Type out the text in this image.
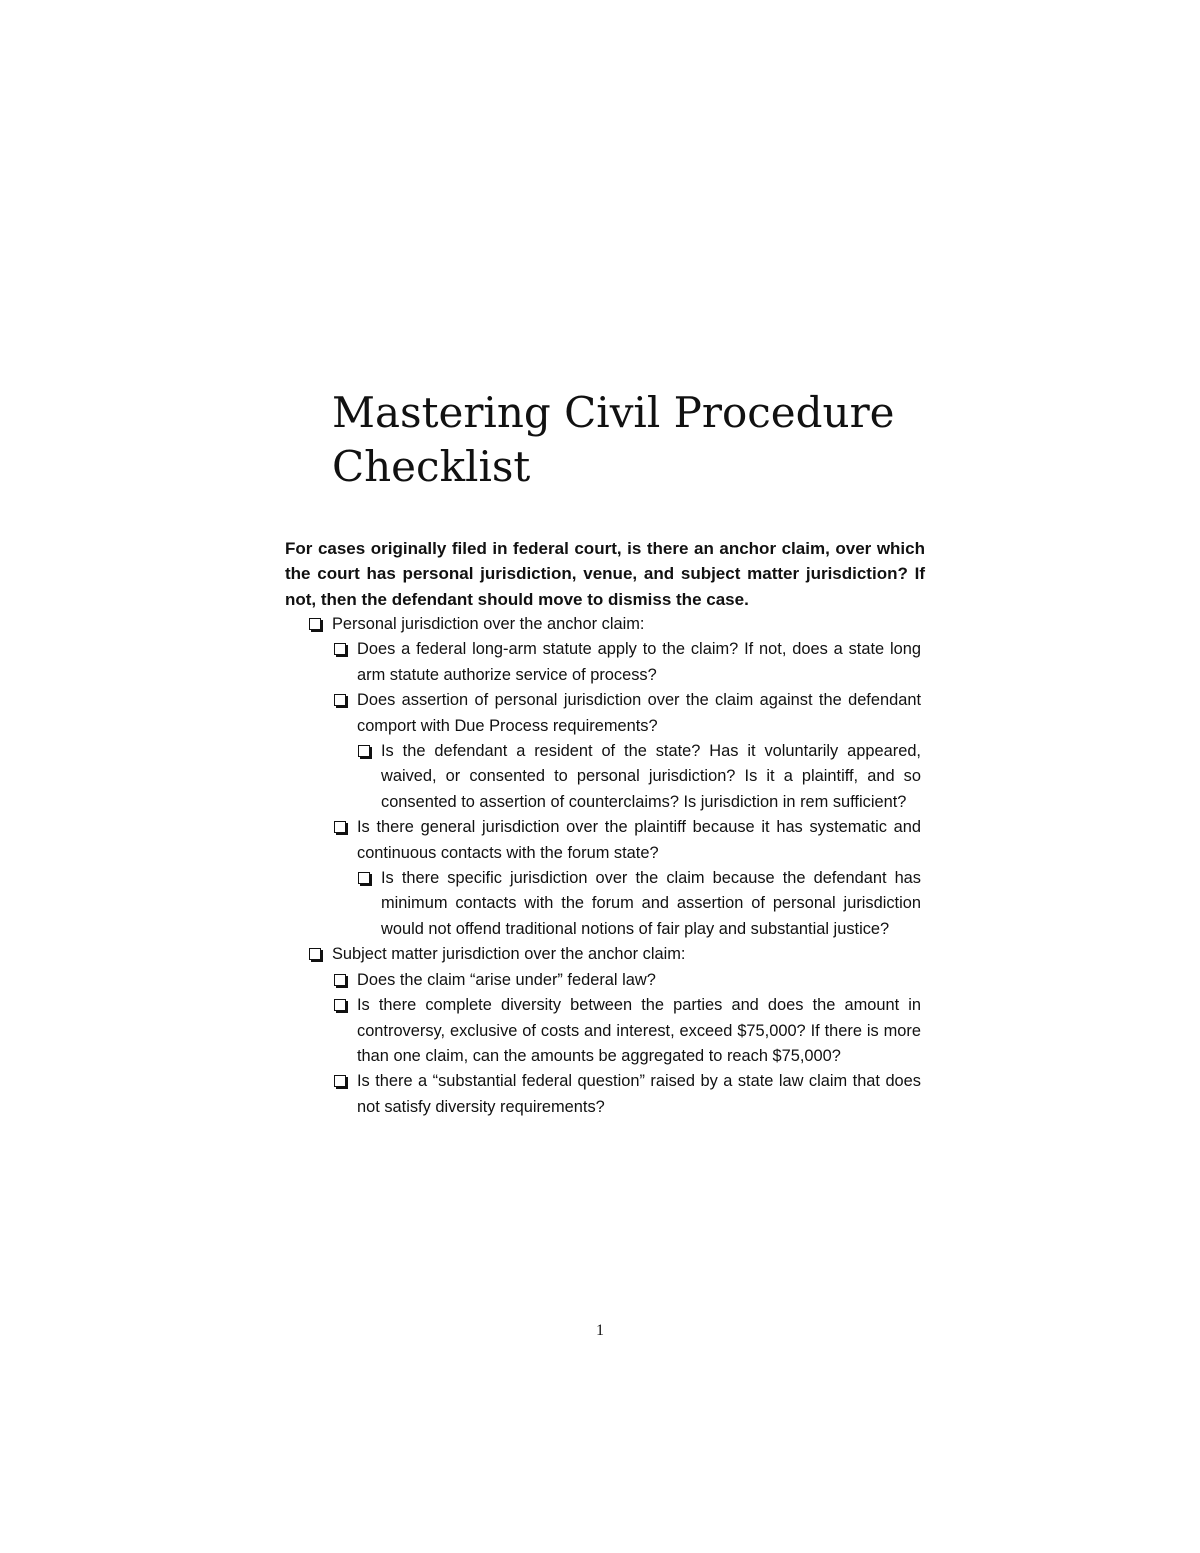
Mastering Civil Procedure
Checklist

For cases originally filed in federal court, is there an anchor claim, over which the court has personal jurisdiction, venue, and subject matter jurisdiction? If not, then the defendant should move to dismiss the case.

Personal jurisdiction over the anchor claim:
Does a federal long-arm statute apply to the claim? If not, does a state long arm statute authorize service of process?
Does assertion of personal jurisdiction over the claim against the defendant comport with Due Process requirements?
Is the defendant a resident of the state? Has it voluntarily appeared, waived, or consented to personal jurisdiction? Is it a plaintiff, and so consented to assertion of counterclaims? Is jurisdiction in rem sufficient?
Is there general jurisdiction over the plaintiff because it has systematic and continuous contacts with the forum state?
Is there specific jurisdiction over the claim because the defendant has minimum contacts with the forum and assertion of personal jurisdiction would not offend traditional notions of fair play and substantial justice?
Subject matter jurisdiction over the anchor claim:
Does the claim “arise under” federal law?
Is there complete diversity between the parties and does the amount in controversy, exclusive of costs and interest, exceed $75,000? If there is more than one claim, can the amounts be aggregated to reach $75,000?
Is there a “substantial federal question” raised by a state law claim that does not satisfy diversity requirements?
1
